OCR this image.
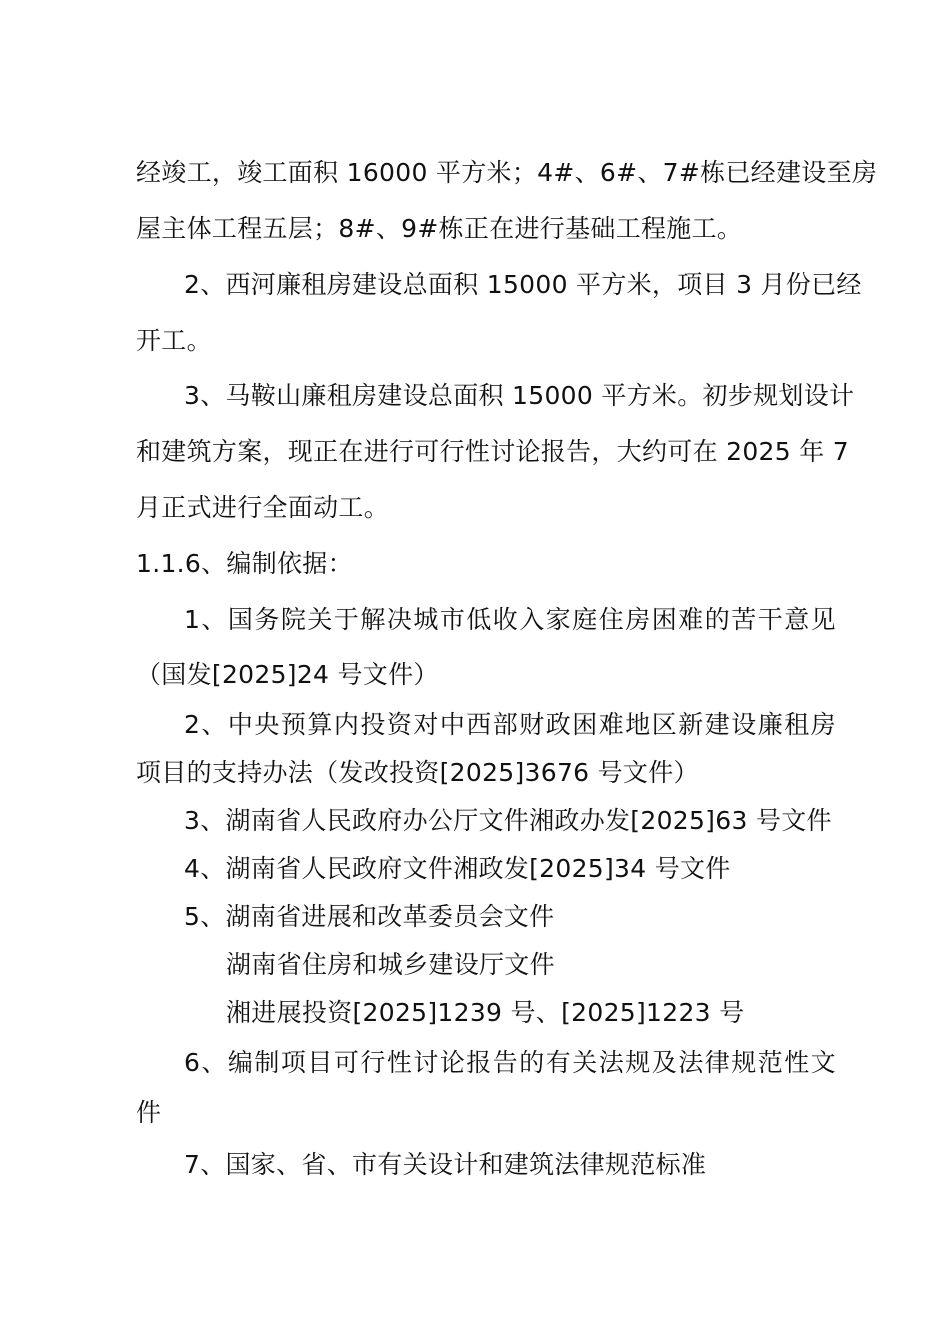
经竣工，竣工面积 16000 平方米；4#、6#、7#栋已经建设至房
屋主体工程五层；8#、9#栋正在进行基础工程施工。
2、西河廉租房建设总面积 15000 平方米，项目 3 月份已经
开工。
3、马鞍山廉租房建设总面积 15000 平方米。初步规划设计
和建筑方案，现正在进行可行性讨论报告，大约可在 2025 年 7
月正式进行全面动工。
1.1.6、编制依据：
1、国务院关于解决城市低收入家庭住房困难的苦干意见
（国发[2025]24 号文件）
2、中央预算内投资对中西部财政困难地区新建设廉租房
项目的支持办法（发改投资[2025]3676 号文件）
3、湖南省人民政府办公厅文件湘政办发[2025]63 号文件
4、湖南省人民政府文件湘政发[2025]34 号文件
5、湖南省进展和改革委员会文件
湖南省住房和城乡建设厅文件
湘进展投资[2025]1239 号、[2025]1223 号
6、编制项目可行性讨论报告的有关法规及法律规范性文
件
7、国家、省、市有关设计和建筑法律规范标准
